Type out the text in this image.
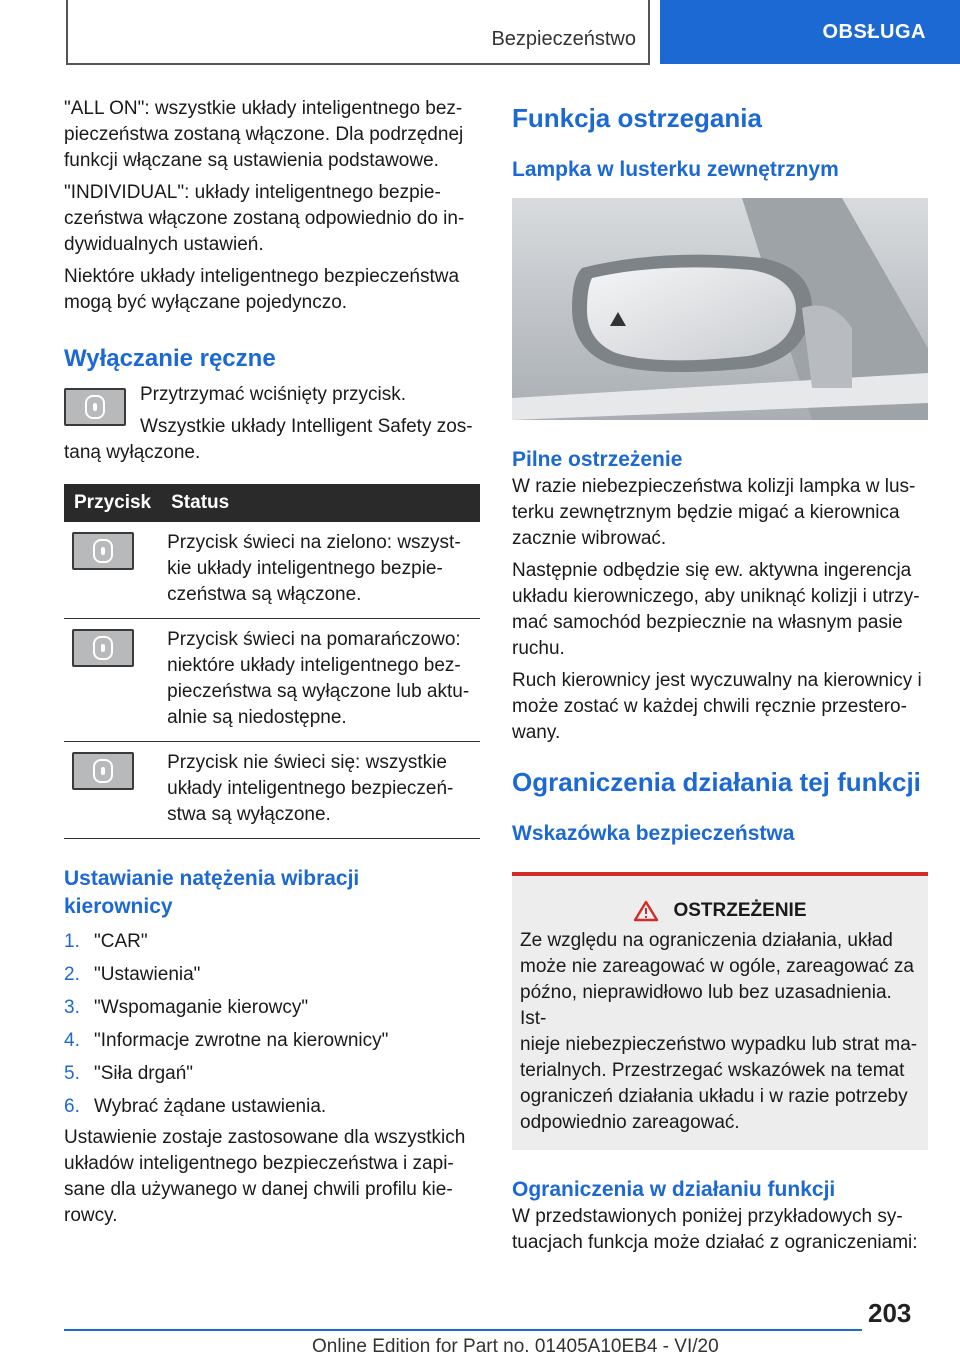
Bezpieczeństwo	OBSŁUGA

"ALL ON": wszystkie układy inteligentnego bez-
pieczeństwa zostaną włączone. Dla podrzędnej
funkcji włączane są ustawienia podstawowe.

"INDIVIDUAL": układy inteligentnego bezpie-
czeństwa włączone zostaną odpowiednio do in-
dywidualnych ustawień.

Niektóre układy inteligentnego bezpieczeństwa
mogą być wyłączane pojedynczo.

Wyłączanie ręczne

Przytrzymać wciśnięty przycisk.

Wszystkie układy Intelligent Safety zos-

taną wyłączone.

Przycisk	Status

	Przycisk świeci na zielono: wszyst-
kie układy inteligentnego bezpie-
czeństwa są włączone.

	Przycisk świeci na pomarańczowo:
niektóre układy inteligentnego bez-
pieczeństwa są wyłączone lub aktu-
alnie są niedostępne.

	Przycisk nie świeci się: wszystkie
układy inteligentnego bezpieczeń-
stwa są wyłączone.
Ustawianie natężenia wibracji
kierownicy
1. "CAR"
2. "Ustawienia"
3. "Wspomaganie kierowcy"
4. "Informacje zwrotne na kierownicy"
5. "Siła drgań"
6. Wybrać żądane ustawienia.

Ustawienie zostaje zastosowane dla wszystkich
układów inteligentnego bezpieczeństwa i zapi-
sane dla używanego w danej chwili profilu kie-
rowcy.

Funkcja ostrzegania
Lampka w lusterku zewnętrznym
Pilne ostrzeżenie

W razie niebezpieczeństwa kolizji lampka w lus-
terku zewnętrznym będzie migać a kierownica
zacznie wibrować.

Następnie odbędzie się ew. aktywna ingerencja
układu kierowniczego, aby uniknąć kolizji i utrzy-
mać samochód bezpiecznie na własnym pasie
ruchu.

Ruch kierownicy jest wyczuwalny na kierownicy i
może zostać w każdej chwili ręcznie przestero-
wany.

Ograniczenia działania tej funkcji
Wskazówka bezpieczeństwa
OSTRZEŻENIE

Ze względu na ograniczenia działania, układ
może nie zareagować w ogóle, zareagować za
późno, nieprawidłowo lub bez uzasadnienia. Ist-
nieje niebezpieczeństwo wypadku lub strat ma-
terialnych. Przestrzegać wskazówek na temat
ograniczeń działania układu i w razie potrzeby
odpowiednio zareagować.

Ograniczenia w działaniu funkcji

W przedstawionych poniżej przykładowych sy-
tuacjach funkcja może działać z ograniczeniami:

203
Online Edition for Part no. 01405A10EB4 - VI/20
